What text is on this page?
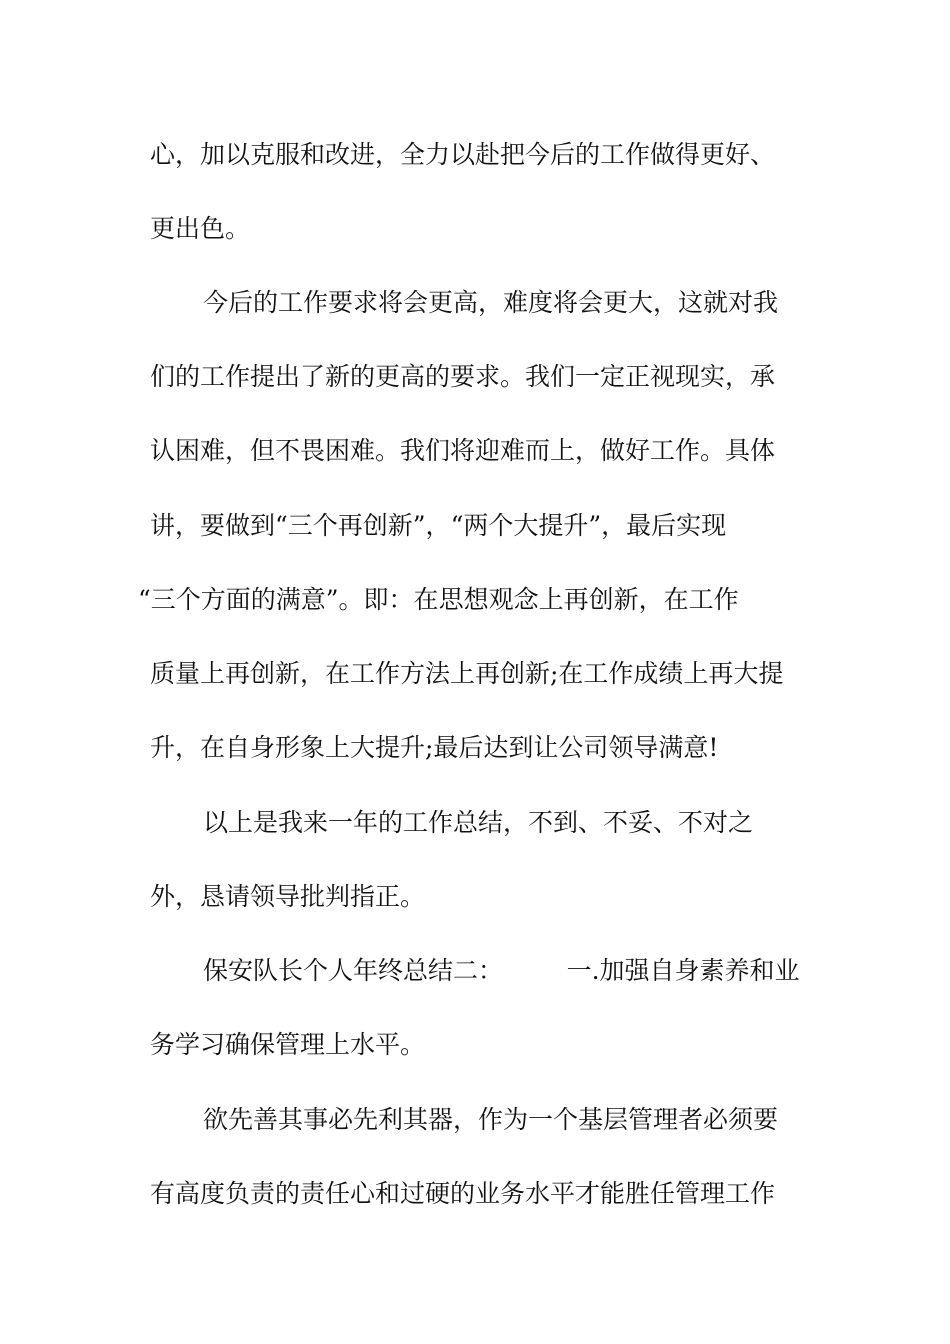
心，加以克服和改进，全力以赴把今后的工作做得更好、
更出色。
今后的工作要求将会更高，难度将会更大，这就对我
们的工作提出了新的更高的要求。我们一定正视现实，承
认困难，但不畏困难。我们将迎难而上，做好工作。具体
讲，要做到“三个再创新”，“两个大提升”，最后实现
“三个方面的满意”。即：在思想观念上再创新，在工作
质量上再创新，在工作方法上再创新;在工作成绩上再大提
升，在自身形象上大提升;最后达到让公司领导满意!
以上是我来一年的工作总结，不到、不妥、不对之
外，恳请领导批判指正。
保安队长个人年终总结二：        一.加强自身素养和业
务学习确保管理上水平。
欲先善其事必先利其器，作为一个基层管理者必须要
有高度负责的责任心和过硬的业务水平才能胜任管理工作
